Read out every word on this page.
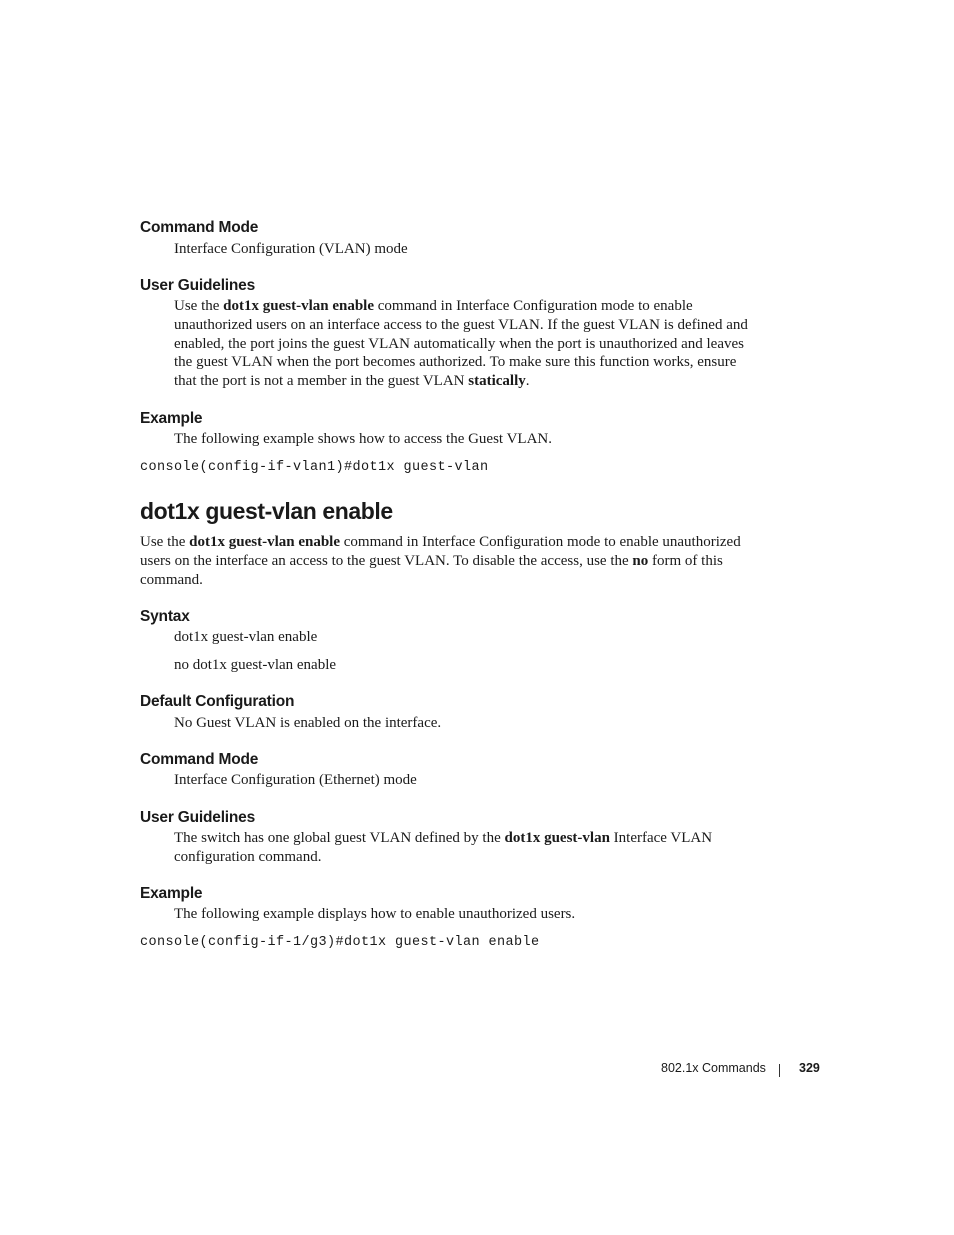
Command Mode

Interface Configuration (VLAN) mode

User Guidelines

Use the dot1x guest-vlan enable command in Interface Configuration mode to enable unauthorized users on an interface access to the guest VLAN. If the guest VLAN is defined and enabled, the port joins the guest VLAN automatically when the port is unauthorized and leaves the guest VLAN when the port becomes authorized. To make sure this function works, ensure that the port is not a member in the guest VLAN statically.

Example

The following example shows how to access the Guest VLAN.

console(config-if-vlan1)#dot1x guest-vlan
dot1x guest-vlan enable

Use the dot1x guest-vlan enable command in Interface Configuration mode to enable unauthorized users on the interface an access to the guest VLAN. To disable the access, use the no form of this command.

Syntax

dot1x guest-vlan enable

no dot1x guest-vlan enable

Default Configuration

No Guest VLAN is enabled on the interface.

Command Mode

Interface Configuration (Ethernet) mode

User Guidelines

The switch has one global guest VLAN defined by the dot1x guest-vlan Interface VLAN configuration command.

Example

The following example displays how to enable unauthorized users.

console(config-if-1/g3)#dot1x guest-vlan enable
802.1x Commands	329
